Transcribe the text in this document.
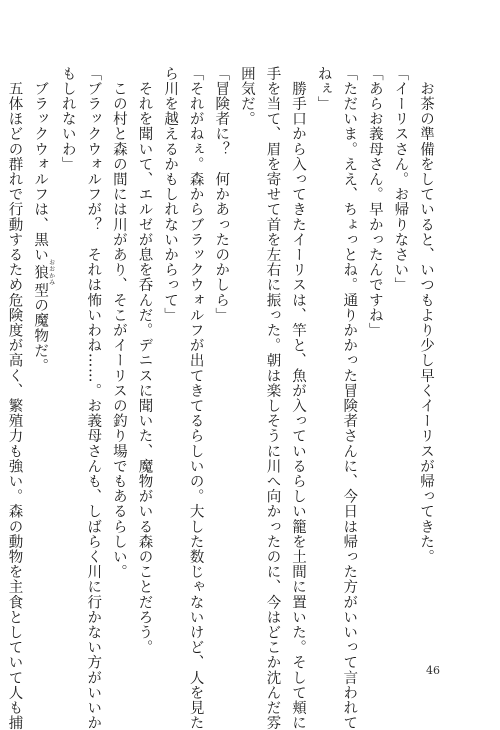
　お茶の準備をしていると、いつもより少し早くイーリスが帰ってきた。
「イーリスさん。お帰りなさい」
「あらお義母さん。早かったんですね」
「ただいま。ええ、ちょっとね。通りかかった冒険者さんに、今日は帰った方がいいって言われて
ねぇ」
　勝手口から入ってきたイーリスは、竿と、魚が入っているらしい籠を土間に置いた。そして頬に
手を当て、眉を寄せて首を左右に振った。朝は楽しそうに川へ向かったのに、今はどこか沈んだ雰
囲気だ。
「冒険者に？　何かあったのかしら」
「それがねぇ。森からブラックウォルフが出てきてるらしいの。大した数じゃないけど、人を見た
ら川を越えるかもしれないからって」
　それを聞いて、エルゼが息を呑んだ。デニスに聞いた、魔物がいる森のことだろう。
　この村と森の間には川があり、そこがイーリスの釣り場でもあるらしい。
「ブラックウォルフが？　それは怖いわね……。お義母さんも、しばらく川に行かない方がいいか
もしれないわ」
　ブラックウォルフは、黒い狼 おおかみ型の魔物だ。
　五体ほどの群れで行動するため危険度が高く、繁殖力も強い。森の動物を主食としていて人も捕	46
